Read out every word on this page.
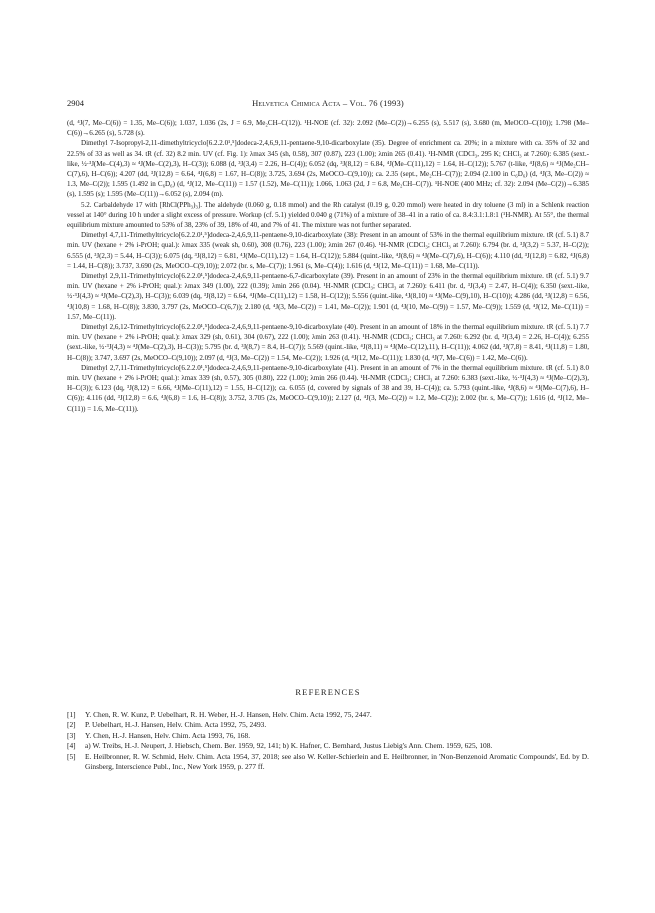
2904	Helvetica Chimica Acta – Vol. 76 (1993)

(d, ⁴J(7, Me–C(6)) = 1.35, Me–C(6)); 1.037, 1.036 (2s, J = 6.9, Me₂CH–C(12)). ¹H-NOE (cf. 32): 2.092 (Me–C(2))→6.255 (s), 5.517 (s), 3.680 (m, MeOCO–C(10)); 1.798 (Me–C(6))→6.265 (s), 5.728 (s).

Dimethyl 7-Isopropyl-2,11-dimethyltricyclo[6.2.2.0¹,⁵]dodeca-2,4,6,9,11-pentaene-9,10-dicarboxylate (35). Degree of enrichment ca. 20%; in a mixture with ca. 35% of 32 and 22.5% of 33 as well as 34. tR (cf. 32) 8.2 min. UV (cf. Fig. 1): λmax 345 (sh, 0.58), 307 (0.87), 223 (1.00); λmin 265 (0.41). ¹H-NMR (CDCl₃, 295 K; CHCl₃ at 7.260): 6.385 (sext.-like, ½·³J(Me–C(4),3) ≈ ⁴J(Me–C(2),3), H–C(3)); 6.088 (d, ³J(3,4) = 2.26, H–C(4)); 6.052 (dq, ³J(8,12) = 6.84, ⁴J(Me–C(11),12) = 1.64, H–C(12)); 5.767 (t-like, ⁴J(8,6) ≈ ⁴J(Me₂CH–C(7),6), H–C(6)); 4.207 (dd, ³J(12,8) = 6.64, ⁴J(6,8) = 1.67, H–C(8)); 3.725, 3.694 (2s, MeOCO–C(9,10)); ca. 2.35 (sept., Me₂CH–C(7)); 2.094 (2.100 in C₆D₆) (d, ⁴J(3, Me–C(2)) ≈ 1.3, Me–C(2)); 1.595 (1.492 in C₆D₆) (d, ⁴J(12, Me–C(11)) = 1.57 (1.52), Me–C(11)); 1.066, 1.063 (2d, J = 6.8, Me₂CH–C(7)). ¹H-NOE (400 MHz; cf. 32): 2.094 (Me–C(2))→6.385 (s), 1.595 (s); 1.595 (Me–C(11))→6.052 (s), 2.094 (m).

5.2. Carbaldehyde 17 with [RhCl(PPh₃)₃]. The aldehyde (0.060 g, 0.18 mmol) and the Rh catalyst (0.19 g, 0.20 mmol) were heated in dry toluene (3 ml) in a Schlenk reaction vessel at 140° during 10 h under a slight excess of pressure. Workup (cf. 5.1) yielded 0.040 g (71%) of a mixture of 38–41 in a ratio of ca. 8.4:3.1:1.8:1 (¹H-NMR). At 55°, the thermal equilibrium mixture amounted to 53% of 38, 23% of 39, 18% of 40, and 7% of 41. The mixture was not further separated.

Dimethyl 4,7,11-Trimethyltricyclo[6.2.2.0¹,⁵]dodeca-2,4,6,9,11-pentaene-9,10-dicarboxylate (38): Present in an amount of 53% in the thermal equilibrium mixture. tR (cf. 5.1) 8.7 min. UV (hexane + 2% i-PrOH; qual.): λmax 335 (weak sh, 0.60), 308 (0.76), 223 (1.00); λmin 267 (0.46). ¹H-NMR (CDCl₃; CHCl₃ at 7.260): 6.794 (br. d, ³J(3,2) = 5.37, H–C(2)); 6.555 (d, ³J(2,3) = 5.44, H–C(3)); 6.075 (dq, ³J(8,12) = 6.81, ⁴J(Me–C(11),12) = 1.64, H–C(12)); 5.884 (quint.-like, ⁴J(8,6) ≈ ⁴J(Me–C(7),6), H–C(6)); 4.110 (dd, ³J(12,8) = 6.82, ⁴J(6,8) = 1.44, H–C(8)); 3.737, 3.690 (2s, MeOCO–C(9,10)); 2.072 (br. s, Me–C(7)); 1.961 (s, Me–C(4)); 1.616 (d, ⁴J(12, Me–C(11)) = 1.68, Me–C(11)).

Dimethyl 2,9,11-Trimethyltricyclo[6.2.2.0¹,⁵]dodeca-2,4,6,9,11-pentaene-6,7-dicarboxylate (39). Present in an amount of 23% in the thermal equilibrium mixture. tR (cf. 5.1) 9.7 min. UV (hexane + 2% i-PrOH; qual.): λmax 349 (1.00), 222 (0.39); λmin 266 (0.04). ¹H-NMR (CDCl₃; CHCl₃ at 7.260): 6.411 (br. d, ³J(3,4) = 2.47, H–C(4)); 6.350 (sext.-like, ½·³J(4,3) ≈ ⁴J(Me–C(2),3), H–C(3)); 6.039 (dq, ³J(8,12) = 6.64, ⁴J(Me–C(11),12) = 1.58, H–C(12)); 5.556 (quint.-like, ⁴J(8,10) ≈ ⁴J(Me–C(9),10), H–C(10)); 4.286 (dd, ³J(12,8) = 6.56, ⁴J(10,8) = 1.68, H–C(8)); 3.830, 3.797 (2s, MeOCO–C(6,7)); 2.180 (d, ⁴J(3, Me–C(2)) = 1.41, Me–C(2)); 1.901 (d, ⁴J(10, Me–C(9)) = 1.57, Me–C(9)); 1.559 (d, ⁴J(12, Me–C(11)) = 1.57, Me–C(11)).

Dimethyl 2,6,12-Trimethyltricyclo[6.2.2.0¹,⁵]dodeca-2,4,6,9,11-pentaene-9,10-dicarboxylate (40). Present in an amount of 18% in the thermal equilibrium mixture. tR (cf. 5.1) 7.7 min. UV (hexane + 2% i-PrOH; qual.): λmax 329 (sh, 0.61), 304 (0.67), 222 (1.00); λmin 263 (0.41). ¹H-NMR (CDCl₃; CHCl₃ at 7.260: 6.292 (br. d, ³J(3,4) = 2.26, H–C(4)); 6.255 (sext.-like, ½·³J(4,3) ≈ ⁴J(Me–C(2),3), H–C(3)); 5.795 (br. d, ³J(8,7) = 8.4, H–C(7)); 5.569 (quint.-like, ⁴J(8,11) ≈ ⁴J(Me–C(12),11), H–C(11)); 4.062 (dd, ³J(7,8) = 8.41, ⁴J(11,8) = 1.80, H–C(8)); 3.747, 3.697 (2s, MeOCO–C(9,10)); 2.097 (d, ⁴J(3, Me–C(2)) = 1.54, Me–C(2)); 1.926 (d, ⁴J(12, Me–C(11)); 1.830 (d, ⁴J(7, Me–C(6)) = 1.42, Me–C(6)).

Dimethyl 2,7,11-Trimethyltricyclo[6.2.2.0¹,⁵]dodeca-2,4,6,9,11-pentaene-9,10-dicarboxylate (41). Present in an amount of 7% in the thermal equilibrium mixture. tR (cf. 5.1) 8.0 min. UV (hexane + 2% i-PrOH; qual.): λmax 339 (sh, 0.57), 305 (0.80), 222 (1.00); λmin 266 (0.44). ¹H-NMR (CDCl₃; CHCl₃ at 7.260: 6.383 (sext.-like, ½·³J(4,3) ≈ ⁴J(Me–C(2),3), H–C(3)); 6.123 (dq, ³J(8,12) = 6.66, ⁴J(Me–C(11),12) = 1.55, H–C(12)); ca. 6.055 (d, covered by signals of 38 and 39, H–C(4)); ca. 5.793 (quint.-like, ⁴J(8,6) ≈ ⁴J(Me–C(7),6), H–C(6)); 4.116 (dd, ³J(12,8) = 6.6, ⁴J(6,8) = 1.6, H–C(8)); 3.752, 3.705 (2s, MeOCO–C(9,10)); 2.127 (d, ⁴J(3, Me–C(2)) ≈ 1.2, Me–C(2)); 2.002 (br. s, Me–C(7)); 1.616 (d, ⁴J(12, Me–C(11)) = 1.6, Me–C(11)).

REFERENCES
[1] Y. Chen, R. W. Kunz, P. Uebelhart, R. H. Weber, H.-J. Hansen, Helv. Chim. Acta 1992, 75, 2447.
[2] P. Uebelhart, H.-J. Hansen, Helv. Chim. Acta 1992, 75, 2493.
[3] Y. Chen, H.-J. Hansen, Helv. Chim. Acta 1993, 76, 168.
[4] a) W. Treibs, H.-J. Neupert, J. Hiebsch, Chem. Ber. 1959, 92, 141; b) K. Hafner, C. Bernhard, Justus Liebig's Ann. Chem. 1959, 625, 108.
[5] E. Heilbronner, R. W. Schmid, Helv. Chim. Acta 1954, 37, 2018; see also W. Keller-Schierlein and E. Heilbronner, in 'Non-Benzenoid Aromatic Compounds', Ed. by D. Ginsberg, Interscience Publ., Inc., New York 1959, p. 277 ff.
